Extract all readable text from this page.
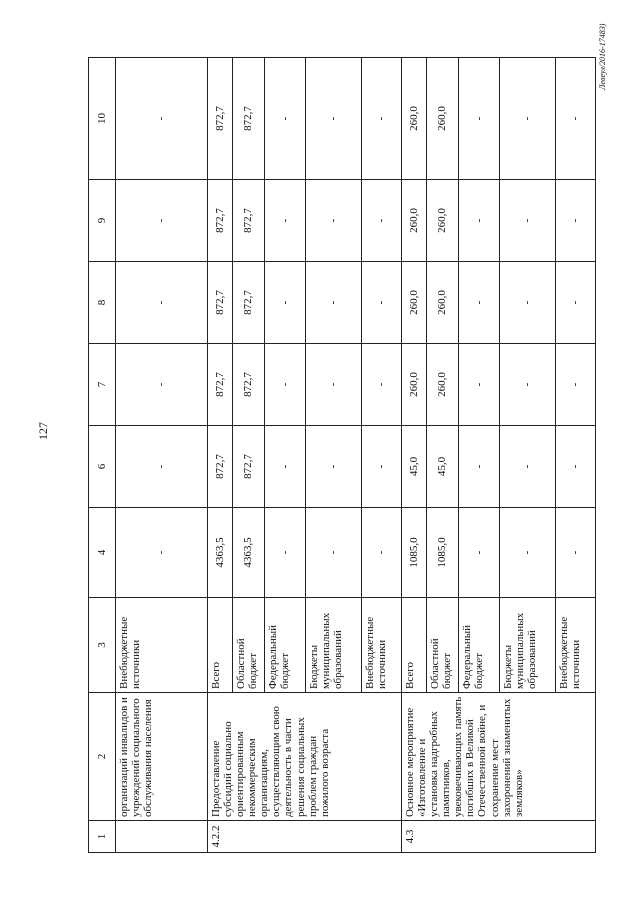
127
Левеул/2016-17483)
1	2	3	4	6	7	8	9	10
	организаций инвалидов и учреждений социального обслуживания населения	Внебюджетные источники	-	-	-	-	-	-
4.2.2	Предоставление субсидий социально ориентированным некоммерческим организациям, осуществляющим свою деятельность в части решения социальных проблем граждан пожилого возраста	Всего	4363,5	872,7	872,7	872,7	872,7	872,7
		Областной бюджет	4363,5	872,7	872,7	872,7	872,7	872,7
		Федеральный бюджет	-	-	-	-	-	-
		Бюджеты муниципальных образований	-	-	-	-	-	-
		Внебюджетные источники	-	-	-	-	-	-
4.3	Основное мероприятие «Изготовление и установка надгробных памятников, увековечивающих память погибших в Великой Отечественной войне, и сохранение мест захоронений знаменитых земляков»	Всего	1085,0	45,0	260,0	260,0	260,0	260,0
		Областной бюджет	1085,0	45,0	260,0	260,0	260,0	260,0
		Федеральный бюджет	-	-	-	-	-	-
		Бюджеты муниципальных образований	-	-	-	-	-	-
		Внебюджетные источники	-	-	-	-	-	-
